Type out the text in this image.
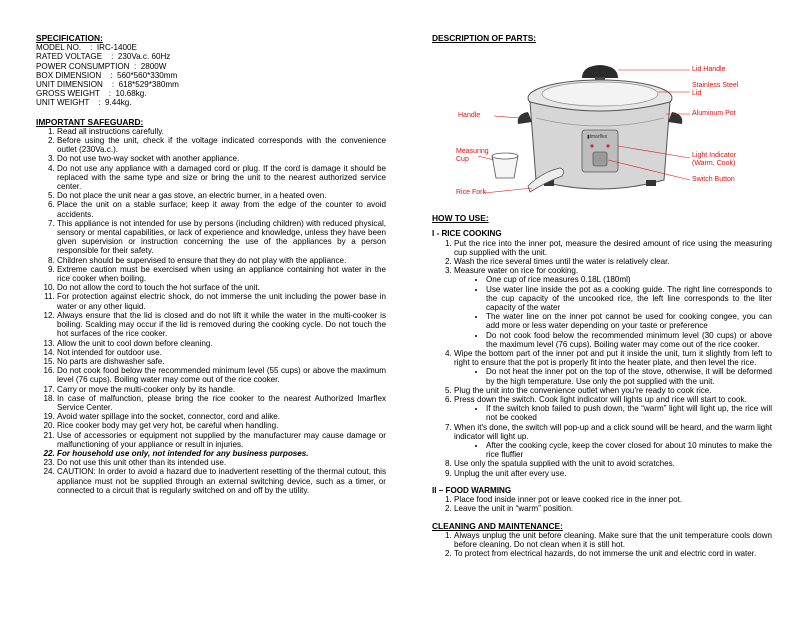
SPECIFICATION:
MODEL NO.    :  IRC-1400E
RATED VOLTAGE    :  230Va.c. 60Hz
POWER CONSUMPTION  :  2800W
BOX DIMENSION    :  560*560*330mm
UNIT DIMENSION    :  618*529*380mm
GROSS WEIGHT    :  10.68kg.
UNIT WEIGHT    :  9.44kg.
IMPORTANT SAFEGUARD:
1. Read all instructions carefully.
2. Before using the unit, check if the voltage indicated corresponds with the convenience outlet (230Va.c.).
3. Do not use two-way socket with another appliance.
4. Do not use any appliance with a damaged cord or plug. If the cord is damage it should be replaced with the same type and size or bring the unit to the nearest authorized service center.
5. Do not place the unit near a gas stove, an electric burner, in a heated oven.
6. Place the unit on a stable surface; keep it away from the edge of the counter to avoid accidents.
7. This appliance is not intended for use by persons (including children) with reduced physical, sensory or mental capabilities, or lack of experience and knowledge, unless they have been given supervision or instruction concerning the use of the appliances by a person responsible for their safety.
8. Children should be supervised to ensure that they do not play with the appliance.
9. Extreme caution must be exercised when using an appliance containing hot water in the rice cooker when boiling.
10. Do not allow the cord to touch the hot surface of the unit.
11. For protection against electric shock, do not immerse the unit including the power base in water or any other liquid.
12. Always ensure that the lid is closed and do not lift it while the water in the multi-cooker is boiling. Scalding may occur if the lid is removed during the cooking cycle. Do not touch the hot surfaces of the rice cooker.
13. Allow the unit to cool down before cleaning.
14. Not intended for outdoor use.
15. No parts are dishwasher safe.
16. Do not cook food below the recommended minimum level (55 cups) or above the maximum level (76 cups). Boiling water may come out of the rice cooker.
17. Carry or move the multi-cooker only by its handle.
18. In case of malfunction, please bring the rice cooker to the nearest Authorized Imarflex Service Center.
19. Avoid water spillage into the socket, connector, cord and alike.
20. Rice cooker body may get very hot, be careful when handling.
21. Use of accessories or equipment not supplied by the manufacturer may cause damage or malfunctioning of your appliance or result in injuries.
22. For household use only, not intended for any business purposes.
23. Do not use this unit other than its intended use.
24. CAUTION: In order to avoid a hazard due to inadvertent resetting of the thermal cutout, this appliance must not be supplied through an external switching device, such as a timer, or connected to a circuit that is regularly switched on and off by the utility.
DESCRIPTION OF PARTS:
▮imarflex
Lid Handle
Stainless Steel
Lid
Aluminum Pot
Handle
Measuring
Cup
Light Indicator
(Warm, Cook)
Switch Button
Rice Fork
HOW TO USE:
I - RICE COOKING
1. Put the rice into the inner pot, measure the desired amount of rice using the measuring cup supplied with the unit.
2. Wash the rice several times until the water is relatively clear.
3. Measure water on rice for cooking.
• One cup of rice measures 0.18L (180ml)
• Use water line inside the pot as a cooking guide. The right line corresponds to the cup capacity of the uncooked rice, the left line corresponds to the liter capacity of the water
• The water line on the inner pot cannot be used for cooking congee, you can add more or less water depending on your taste or preference
• Do not cook food below the recommended minimum level (30 cups) or above the maximum level (76 cups). Boiling water may come out of the rice cooker.
4. Wipe the bottom part of the inner pot and put it inside the unit, turn it slightly from left to right to ensure that the pot is properly fit into the heater plate, and then level the rice.
• Do not heat the inner pot on the top of the stove, otherwise, it will be deformed by the high temperature. Use only the pot supplied with the unit.
5. Plug the unit into the convenience outlet when you're ready to cook rice.
6. Press down the switch. Cook light indicator will lights up and rice will start to cook.
• If the switch knob failed to push down, the “warm” light will light up, the rice will not be cooked
7. When it's done, the switch will pop-up and a click sound will be heard, and the warm light indicator will light up.
• After the cooking cycle, keep the cover closed for about 10 minutes to make the rice fluffier
8. Use only the spatula supplied with the unit to avoid scratches.
9. Unplug the unit after every use.
II – FOOD WARMING
1. Place food inside inner pot or leave cooked rice in the inner pot.
2. Leave the unit in “warm” position.
CLEANING AND MAINTENANCE:
1. Always unplug the unit before cleaning. Make sure that the unit temperature cools down before cleaning. Do not clean when it is still hot.
2. To protect from electrical hazards, do not immerse the unit and electric cord in water.
